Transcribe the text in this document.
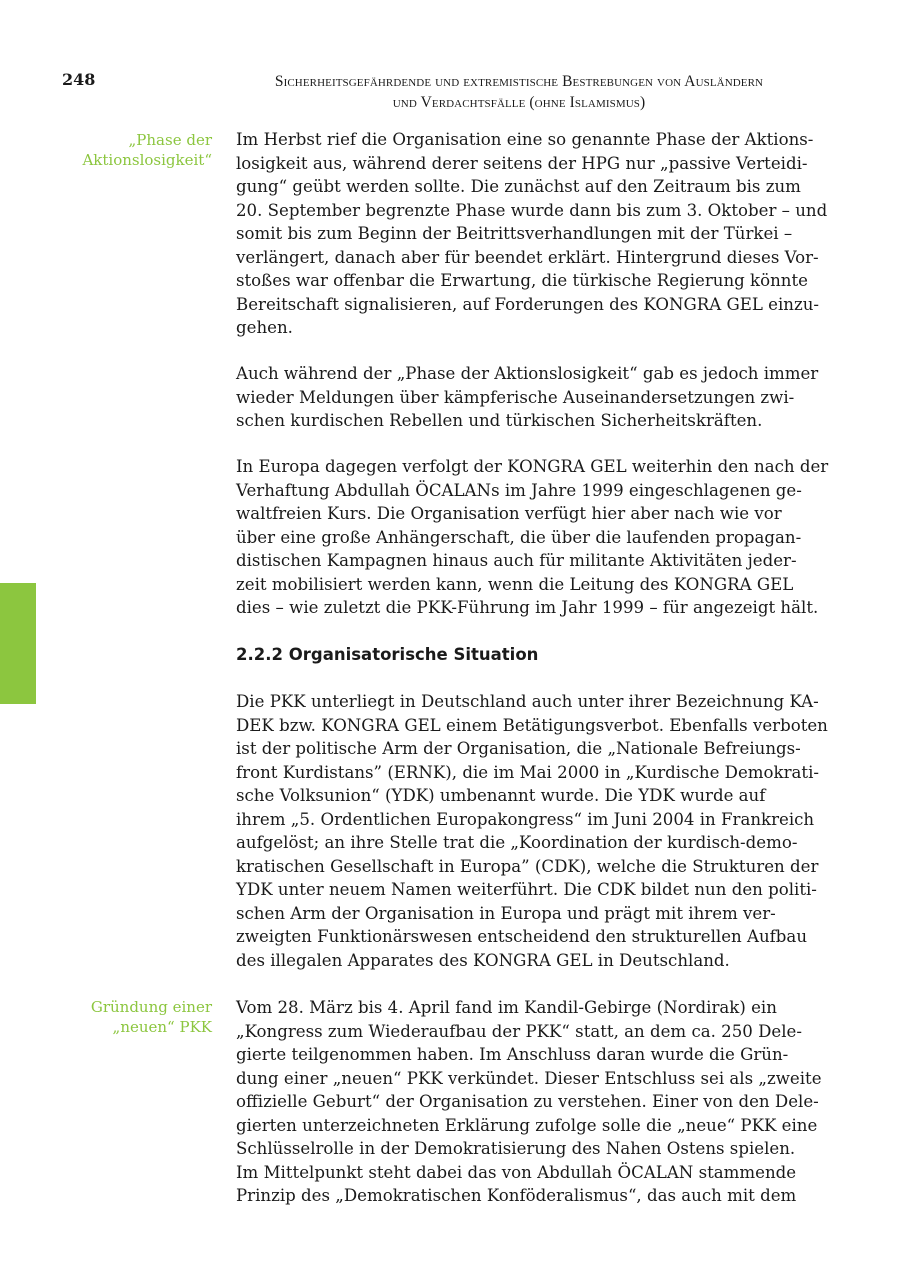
248	Sicherheitsgefährdende und extremistische Bestrebungen von Ausländern
und Verdachtsfälle (ohne Islamismus)
„Phase der
Aktionslosigkeit“
Gründung einer
„neuen“ PKK
Im Herbst rief die Organisation eine so genannte Phase der Aktions-
losigkeit aus, während derer seitens der HPG nur „passive Verteidi-
gung“ geübt werden sollte. Die zunächst auf den Zeitraum bis zum
20. September begrenzte Phase wurde dann bis zum 3. Oktober – und
somit bis zum Beginn der Beitrittsverhandlungen mit der Türkei –
verlängert, danach aber für beendet erklärt. Hintergrund dieses Vor-
stoßes war offenbar die Erwartung, die türkische Regierung könnte
Bereitschaft signalisieren, auf Forderungen des KONGRA GEL einzu-
gehen.
Auch während der „Phase der Aktionslosigkeit“ gab es jedoch immer
wieder Meldungen über kämpferische Auseinandersetzungen zwi-
schen kurdischen Rebellen und türkischen Sicherheitskräften.
In Europa dagegen verfolgt der KONGRA GEL weiterhin den nach der
Verhaftung Abdullah ÖCALANs im Jahre 1999 eingeschlagenen ge-
waltfreien Kurs. Die Organisation verfügt hier aber nach wie vor
über eine große Anhängerschaft, die über die laufenden propagan-
distischen Kampagnen hinaus auch für militante Aktivitäten jeder-
zeit mobilisiert werden kann, wenn die Leitung des KONGRA GEL
dies – wie zuletzt die PKK-Führung im Jahr 1999 – für angezeigt hält.
2.2.2 Organisatorische Situation
Die PKK unterliegt in Deutschland auch unter ihrer Bezeichnung KA-
DEK bzw. KONGRA GEL einem Betätigungsverbot. Ebenfalls verboten
ist der politische Arm der Organisation, die „Nationale Befreiungs-
front Kurdistans” (ERNK), die im Mai 2000 in „Kurdische Demokrati-
sche Volksunion“ (YDK) umbenannt wurde. Die YDK wurde auf
ihrem „5. Ordentlichen Europakongress“ im Juni 2004 in Frankreich
aufgelöst; an ihre Stelle trat die „Koordination der kurdisch-demo-
kratischen Gesellschaft in Europa” (CDK), welche die Strukturen der
YDK unter neuem Namen weiterführt. Die CDK bildet nun den politi-
schen Arm der Organisation in Europa und prägt mit ihrem ver-
zweigten Funktionärswesen entscheidend den strukturellen Aufbau
des illegalen Apparates des KONGRA GEL in Deutschland.
Vom 28. März bis 4. April fand im Kandil-Gebirge (Nordirak) ein
„Kongress zum Wiederaufbau der PKK“ statt, an dem ca. 250 Dele-
gierte teilgenommen haben. Im Anschluss daran wurde die Grün-
dung einer „neuen“ PKK verkündet. Dieser Entschluss sei als „zweite
offizielle Geburt“ der Organisation zu verstehen. Einer von den Dele-
gierten unterzeichneten Erklärung zufolge solle die „neue“ PKK eine
Schlüsselrolle in der Demokratisierung des Nahen Ostens spielen.
Im Mittelpunkt steht dabei das von Abdullah ÖCALAN stammende
Prinzip des „Demokratischen Konföderalismus“, das auch mit dem
